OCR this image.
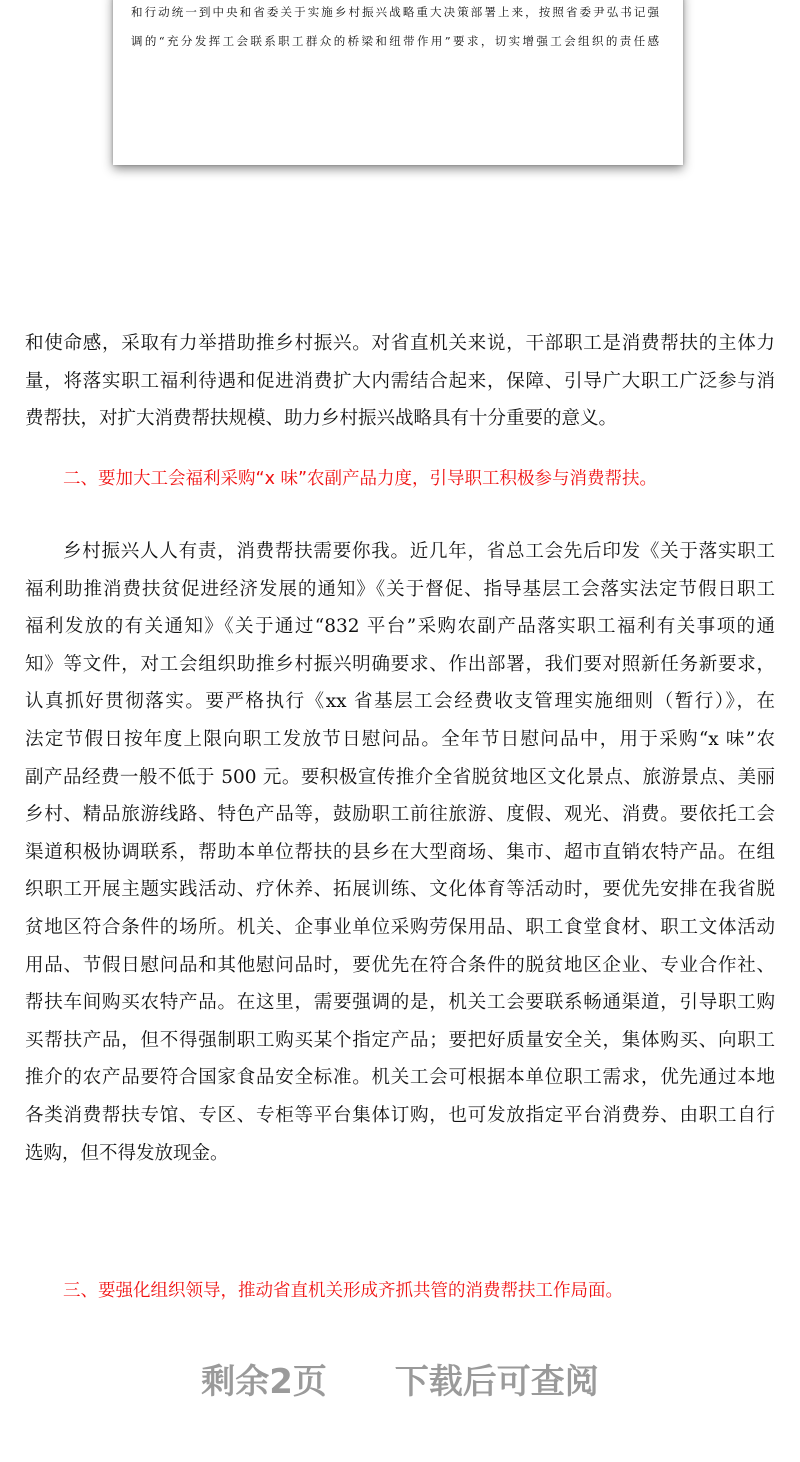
和行动统一到中央和省委关于实施乡村振兴战略重大决策部署上来，按照省委尹弘书记强
调的“充分发挥工会联系职工群众的桥梁和纽带作用”要求，切实增强工会组织的责任感
和使命感，采取有力举措助推乡村振兴。对省直机关来说，干部职工是消费帮扶的主体力
量，将落实职工福利待遇和促进消费扩大内需结合起来，保障、引导广大职工广泛参与消
费帮扶，对扩大消费帮扶规模、助力乡村振兴战略具有十分重要的意义。
二、要加大工会福利采购“x 味”农副产品力度，引导职工积极参与消费帮扶。
乡村振兴人人有责，消费帮扶需要你我。近几年，省总工会先后印发《关于落实职工
福利助推消费扶贫促进经济发展的通知》《关于督促、指导基层工会落实法定节假日职工
福利发放的有关通知》《关于通过“832 平台”采购农副产品落实职工福利有关事项的通
知》等文件，对工会组织助推乡村振兴明确要求、作出部署，我们要对照新任务新要求，
认真抓好贯彻落实。要严格执行《xx 省基层工会经费收支管理实施细则（暂行）》，在
法定节假日按年度上限向职工发放节日慰问品。全年节日慰问品中，用于采购“x 味”农
副产品经费一般不低于 500 元。要积极宣传推介全省脱贫地区文化景点、旅游景点、美丽
乡村、精品旅游线路、特色产品等，鼓励职工前往旅游、度假、观光、消费。要依托工会
渠道积极协调联系，帮助本单位帮扶的县乡在大型商场、集市、超市直销农特产品。在组
织职工开展主题实践活动、疗休养、拓展训练、文化体育等活动时，要优先安排在我省脱
贫地区符合条件的场所。机关、企事业单位采购劳保用品、职工食堂食材、职工文体活动
用品、节假日慰问品和其他慰问品时，要优先在符合条件的脱贫地区企业、专业合作社、
帮扶车间购买农特产品。在这里，需要强调的是，机关工会要联系畅通渠道，引导职工购
买帮扶产品，但不得强制职工购买某个指定产品；要把好质量安全关，集体购买、向职工
推介的农产品要符合国家食品安全标准。机关工会可根据本单位职工需求，优先通过本地
各类消费帮扶专馆、专区、专柜等平台集体订购，也可发放指定平台消费券、由职工自行
选购，但不得发放现金。
三、要强化组织领导，推动省直机关形成齐抓共管的消费帮扶工作局面。
剩余2页 下载后可查阅
